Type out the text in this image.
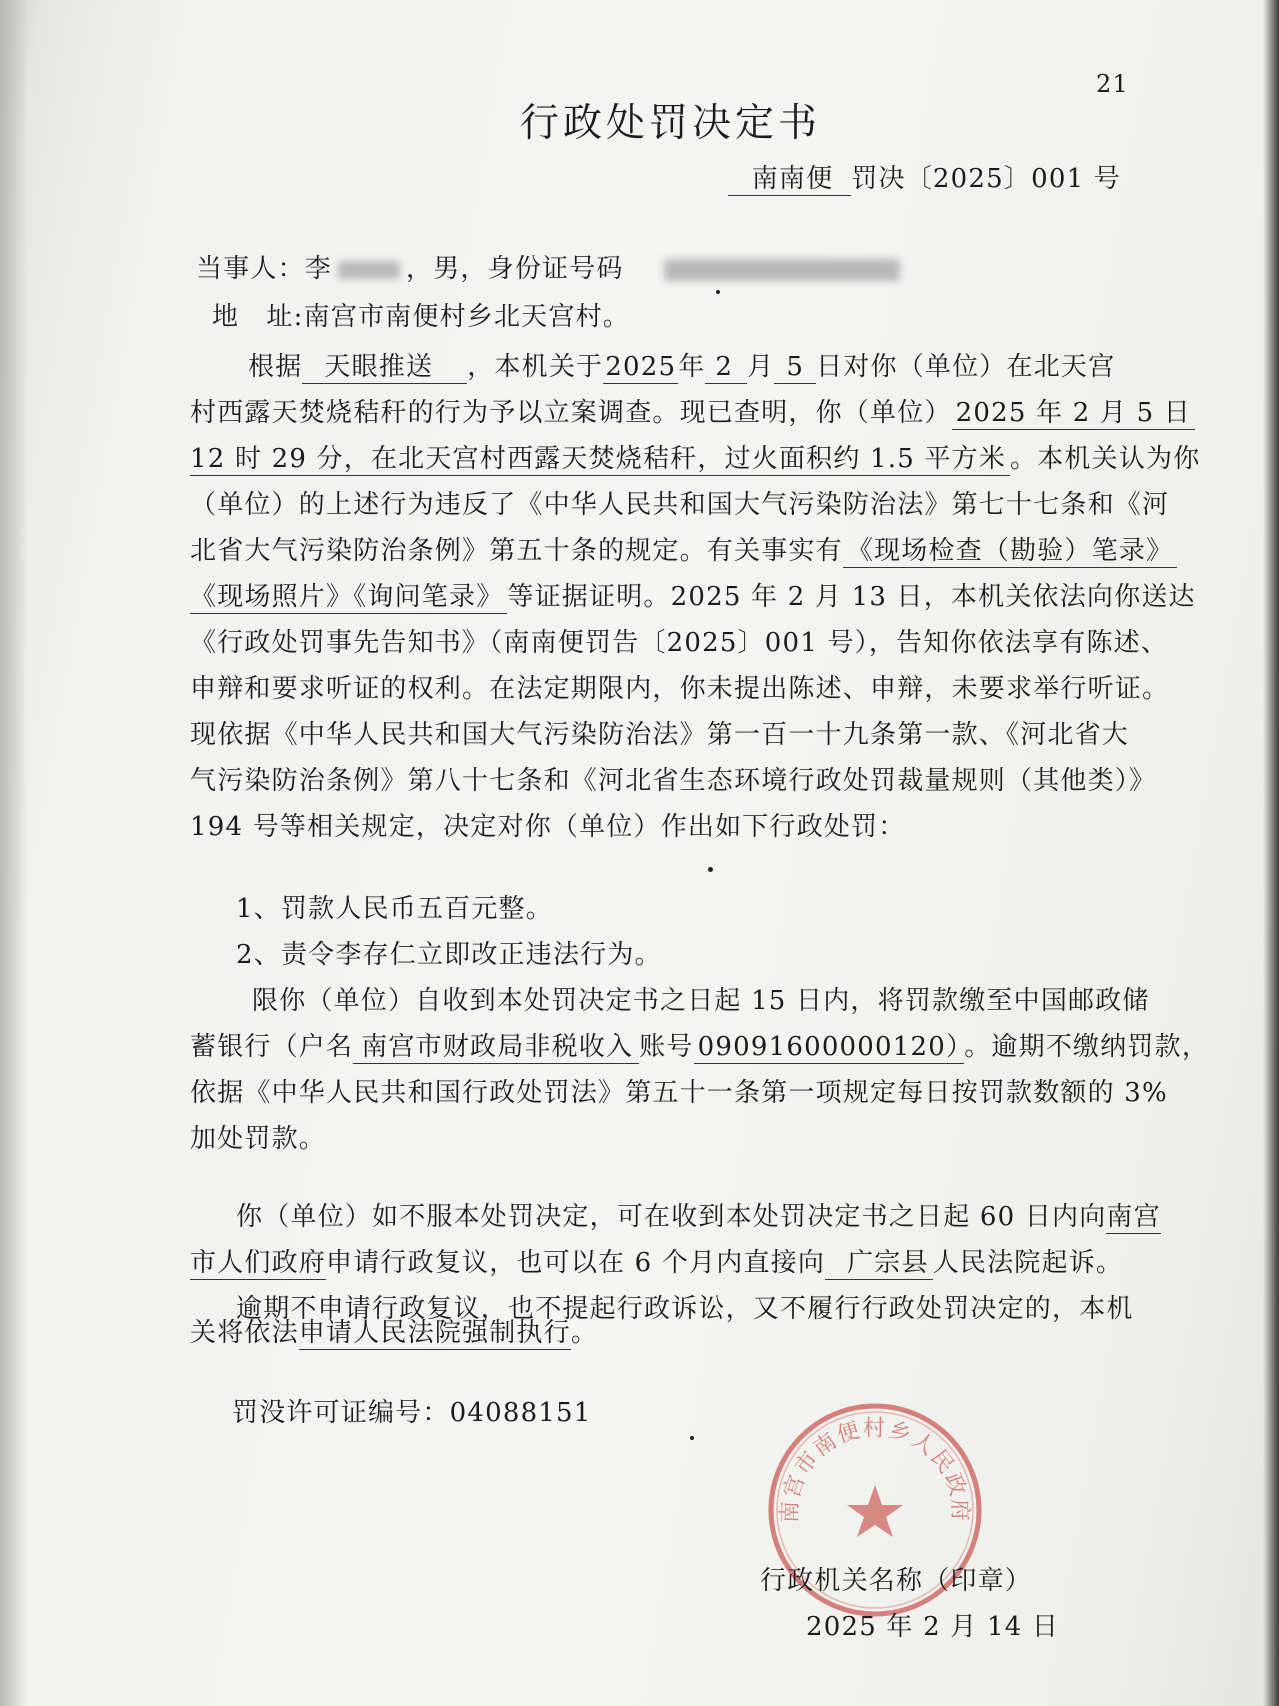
21
行政处罚决定书
南南便 罚决〔2025〕001 号
当事人：李	，男，身份证号码
地　址:南宫市南便村乡北天宫村。
根据 天眼推送 ，本机关于2025年 2 月 5 日对你（单位）在北天宫
村西露天焚烧秸秆的行为予以立案调查。现已查明，你（单位） 2025 年 2 月 5 日
12 时 29 分，在北天宫村西露天焚烧秸秆，过火面积约 1.5 平方米 。本机关认为你
（单位）的上述行为违反了《中华人民共和国大气污染防治法》第七十七条和《河
北省大气污染防治条例》第五十条的规定。有关事实有 《现场检查（勘验）笔录》
《现场照片》《询问笔录》 等证据证明。2025 年 2 月 13 日，本机关依法向你送达
《行政处罚事先告知书》（南南便罚告〔2025〕001 号），告知你依法享有陈述、
申辩和要求听证的权利。在法定期限内，你未提出陈述、申辩，未要求举行听证。
现依据《中华人民共和国大气污染防治法》第一百一十九条第一款、《河北省大
气污染防治条例》第八十七条和《河北省生态环境行政处罚裁量规则（其他类）》
194 号等相关规定，决定对你（单位）作出如下行政处罚：
1、罚款人民币五百元整。
2、责令李存仁立即改正违法行为。
限你（单位）自收到本处罚决定书之日起 15 日内，将罚款缴至中国邮政储
蓄银行（户名 南宫市财政局非税收入 账号 09091600000120） 。逾期不缴纳罚款，
依据《中华人民共和国行政处罚法》第五十一条第一项规定每日按罚款数额的 3%
加处罚款。
你（单位）如不服本处罚决定，可在收到本处罚决定书之日起 60 日内向南宫
市人们政府申请行政复议，也可以在 6 个月内直接向 广宗县 人民法院起诉。
逾期不申请行政复议，也不提起行政诉讼，又不履行行政处罚决定的，本机
关将依法申请人民法院强制执行。
罚没许可证编号：04088151
南宫市南便村乡人民政府
行政机关名称（印章）
2025 年 2 月 14 日
